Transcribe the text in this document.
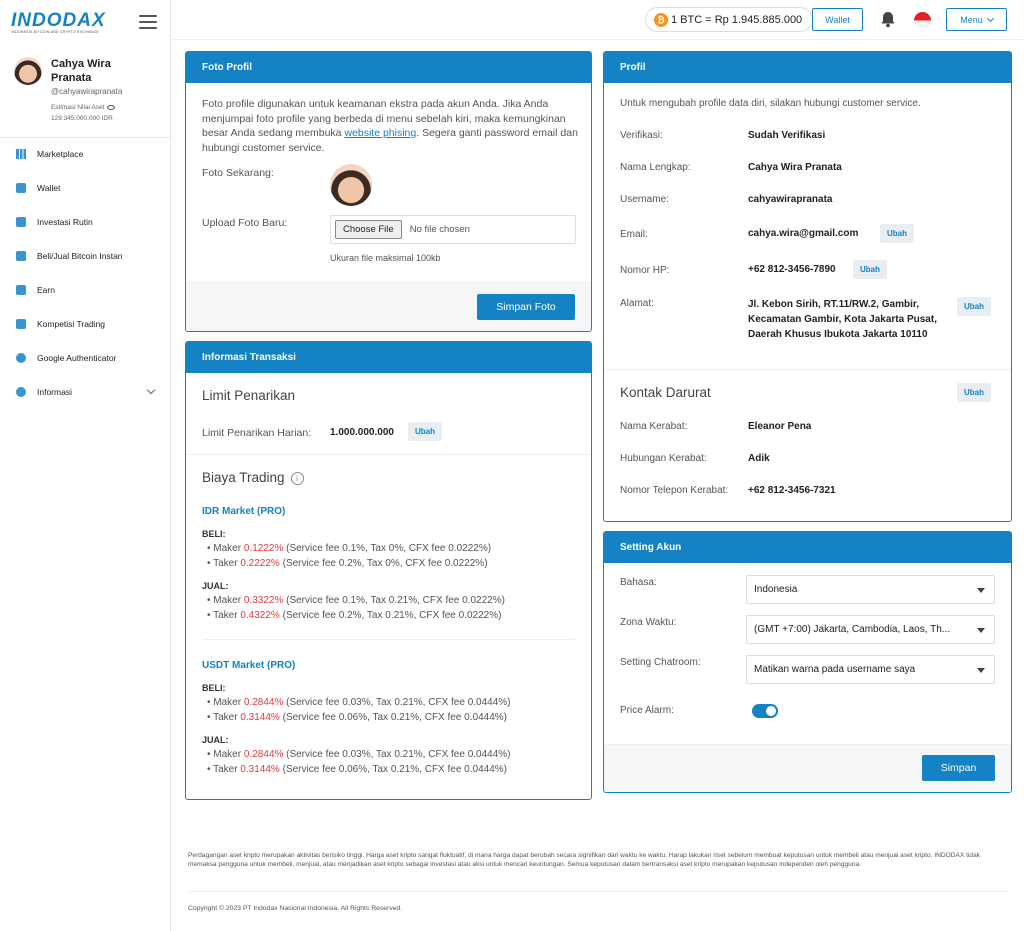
INDODAX
INDONESIA BITCOIN AND CRYPTO EXCHANGE
Cahya Wira Pranata
@cahyawirapranata
Estimasi Nilai Aset
129.345.000.000 IDR
Marketplace
Wallet
Investasi Rutin
Beli/Jual Bitcoin Instan
Earn
Kompetisi Trading
Google Authenticator
Informasi
₿ 1 BTC = Rp 1.945.885.000	Wallet	Menu
Foto Profil
Foto profile digunakan untuk keamanan ekstra pada akun Anda. Jika Anda menjumpai foto profile yang berbeda di menu sebelah kiri, maka kemungkinan besar Anda sedang membuka website phising. Segera ganti password email dan hubungi customer service.
Foto Sekarang:
Upload Foto Baru:
Choose File	No file chosen
Ukuran file maksimal 100kb
Simpan Foto
Informasi Transaksi
Limit Penarikan
Limit Penarikan Harian: 1.000.000.000	Ubah
Biaya Trading i
IDR Market (PRO)
BELI:
• Maker 0.1222% (Service fee 0.1%, Tax 0%, CFX fee 0.0222%)
• Taker 0.2222% (Service fee 0.2%, Tax 0%, CFX fee 0.0222%)
JUAL:
• Maker 0.3322% (Service fee 0.1%, Tax 0.21%, CFX fee 0.0222%)
• Taker 0.4322% (Service fee 0.2%, Tax 0.21%, CFX fee 0.0222%)
USDT Market (PRO)
BELI:
• Maker 0.2844% (Service fee 0.03%, Tax 0.21%, CFX fee 0.0444%)
• Taker 0.3144% (Service fee 0.06%, Tax 0.21%, CFX fee 0.0444%)
JUAL:
• Maker 0.2844% (Service fee 0.03%, Tax 0.21%, CFX fee 0.0444%)
• Taker 0.3144% (Service fee 0.06%, Tax 0.21%, CFX fee 0.0444%)
Profil
Untuk mengubah profile data diri, silakan hubungi customer service.
Verifikasi:	Sudah Verifikasi
Nama Lengkap:	Cahya Wira Pranata
Username:	cahyawirapranata
Email:	cahya.wira@gmail.com	Ubah
Nomor HP:	+62 812-3456-7890	Ubah
Alamat:	Jl. Kebon Sirih, RT.11/RW.2, Gambir, Kecamatan Gambir, Kota Jakarta Pusat, Daerah Khusus Ibukota Jakarta 10110
Ubah
Kontak Darurat	Ubah
Nama Kerabat:	Eleanor Pena
Hubungan Kerabat:	Adik
Nomor Telepon Kerabat: +62 812-3456-7321
Setting Akun
Bahasa:
Indonesia
Zona Waktu:
(GMT +7:00) Jakarta, Cambodia, Laos, Th...
Setting Chatroom:
Matikan warna pada username saya
Price Alarm:
Simpan
Perdagangan aset kripto merupakan aktivitas berisiko tinggi. Harga aset kripto sangat fluktuatif, di mana harga dapat berubah secara signifikan dari waktu ke waktu. Harap lakukan riset sebelum membuat keputusan untuk membeli atau menjual aset kripto. INDODAX tidak memaksa pengguna untuk membeli, menjual, atau menjadikan aset kripto sebagai investasi atau aksi untuk mencari keuntungan. Semua keputusan dalam bertransaksi aset kripto merupakan keputusan independen oleh pengguna.
Copyright © 2023 PT Indodax Nasional Indonesia. All Rights Reserved.
